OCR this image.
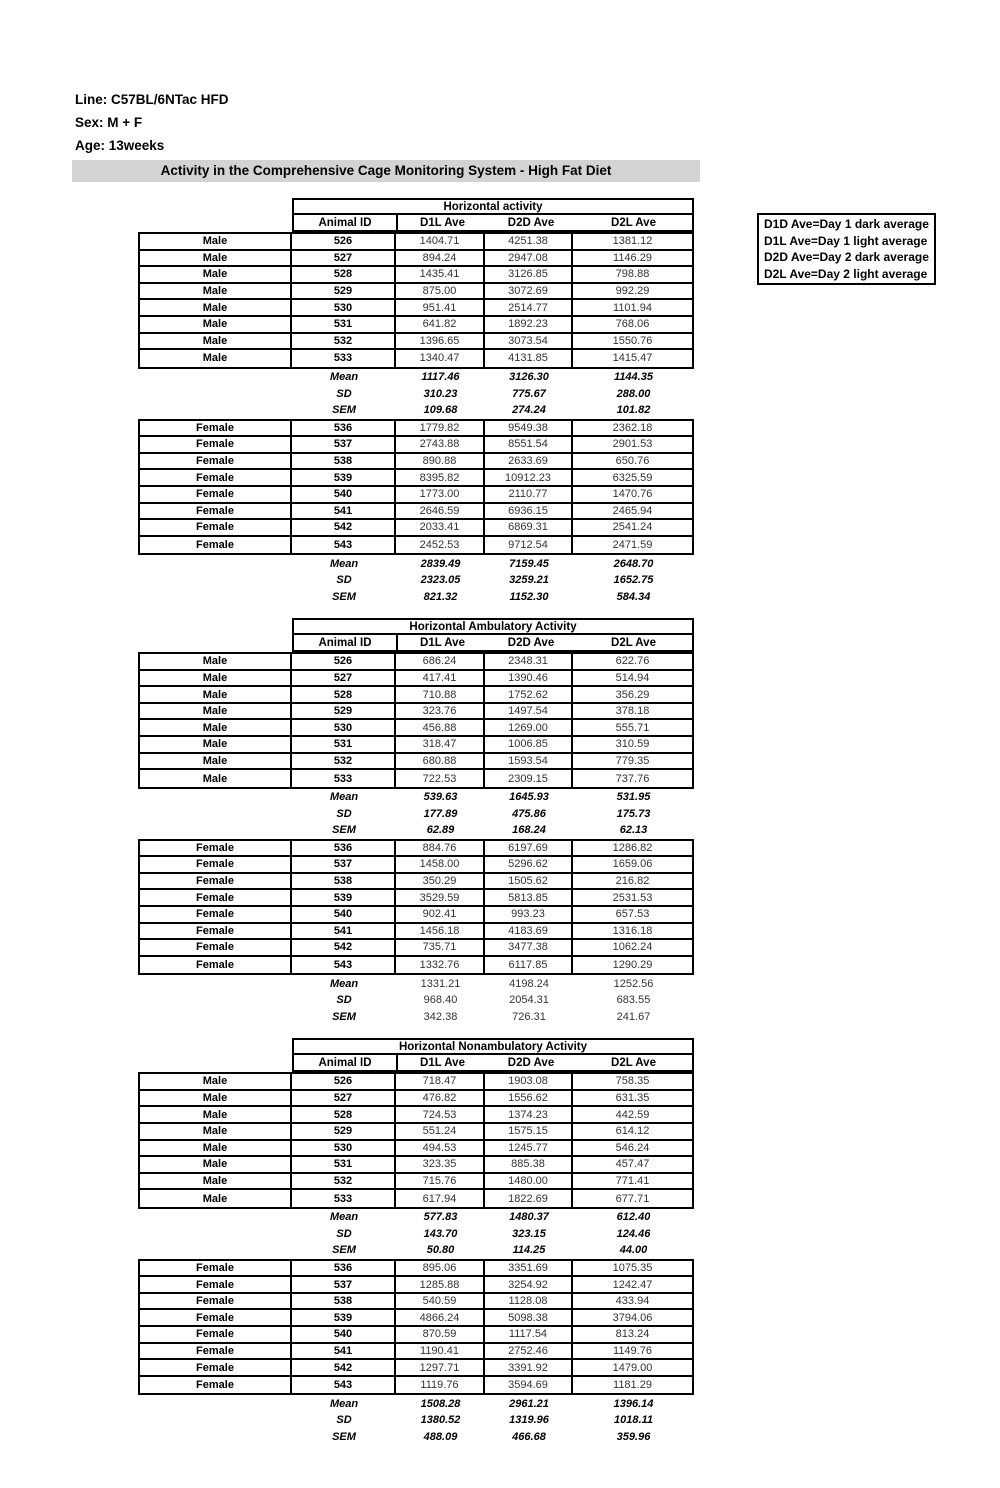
Line: C57BL/6NTac HFD
Sex: M + F
Age: 13weeks
Activity in the Comprehensive Cage Monitoring System - High Fat Diet
D1D Ave=Day 1 dark average
D1L Ave=Day 1 light average
D2D Ave=Day 2 dark average
D2L Ave=Day 2 light average
Horizontal activity
Animal ID	D1L Ave	D2D Ave	D2L Ave
Male	526	1404.71	4251.38	1381.12
Male	527	894.24	2947.08	1146.29
Male	528	1435.41	3126.85	798.88
Male	529	875.00	3072.69	992.29
Male	530	951.41	2514.77	1101.94
Male	531	641.82	1892.23	768.06
Male	532	1396.65	3073.54	1550.76
Male	533	1340.47	4131.85	1415.47
Mean	1117.46	3126.30	1144.35
SD	310.23	775.67	288.00
SEM	109.68	274.24	101.82
Female	536	1779.82	9549.38	2362.18
Female	537	2743.88	8551.54	2901.53
Female	538	890.88	2633.69	650.76
Female	539	8395.82	10912.23	6325.59
Female	540	1773.00	2110.77	1470.76
Female	541	2646.59	6936.15	2465.94
Female	542	2033.41	6869.31	2541.24
Female	543	2452.53	9712.54	2471.59
Mean	2839.49	7159.45	2648.70
SD	2323.05	3259.21	1652.75
SEM	821.32	1152.30	584.34
Horizontal Ambulatory Activity
Animal ID	D1L Ave	D2D Ave	D2L Ave
Male	526	686.24	2348.31	622.76
Male	527	417.41	1390.46	514.94
Male	528	710.88	1752.62	356.29
Male	529	323.76	1497.54	378.18
Male	530	456.88	1269.00	555.71
Male	531	318.47	1006.85	310.59
Male	532	680.88	1593.54	779.35
Male	533	722.53	2309.15	737.76
Mean	539.63	1645.93	531.95
SD	177.89	475.86	175.73
SEM	62.89	168.24	62.13
Female	536	884.76	6197.69	1286.82
Female	537	1458.00	5296.62	1659.06
Female	538	350.29	1505.62	216.82
Female	539	3529.59	5813.85	2531.53
Female	540	902.41	993.23	657.53
Female	541	1456.18	4183.69	1316.18
Female	542	735.71	3477.38	1062.24
Female	543	1332.76	6117.85	1290.29
Mean	1331.21	4198.24	1252.56
SD	968.40	2054.31	683.55
SEM	342.38	726.31	241.67
Horizontal Nonambulatory Activity
Animal ID	D1L Ave	D2D Ave	D2L Ave
Male	526	718.47	1903.08	758.35
Male	527	476.82	1556.62	631.35
Male	528	724.53	1374.23	442.59
Male	529	551.24	1575.15	614.12
Male	530	494.53	1245.77	546.24
Male	531	323.35	885.38	457.47
Male	532	715.76	1480.00	771.41
Male	533	617.94	1822.69	677.71
Mean	577.83	1480.37	612.40
SD	143.70	323.15	124.46
SEM	50.80	114.25	44.00
Female	536	895.06	3351.69	1075.35
Female	537	1285.88	3254.92	1242.47
Female	538	540.59	1128.08	433.94
Female	539	4866.24	5098.38	3794.06
Female	540	870.59	1117.54	813.24
Female	541	1190.41	2752.46	1149.76
Female	542	1297.71	3391.92	1479.00
Female	543	1119.76	3594.69	1181.29
Mean	1508.28	2961.21	1396.14
SD	1380.52	1319.96	1018.11
SEM	488.09	466.68	359.96
